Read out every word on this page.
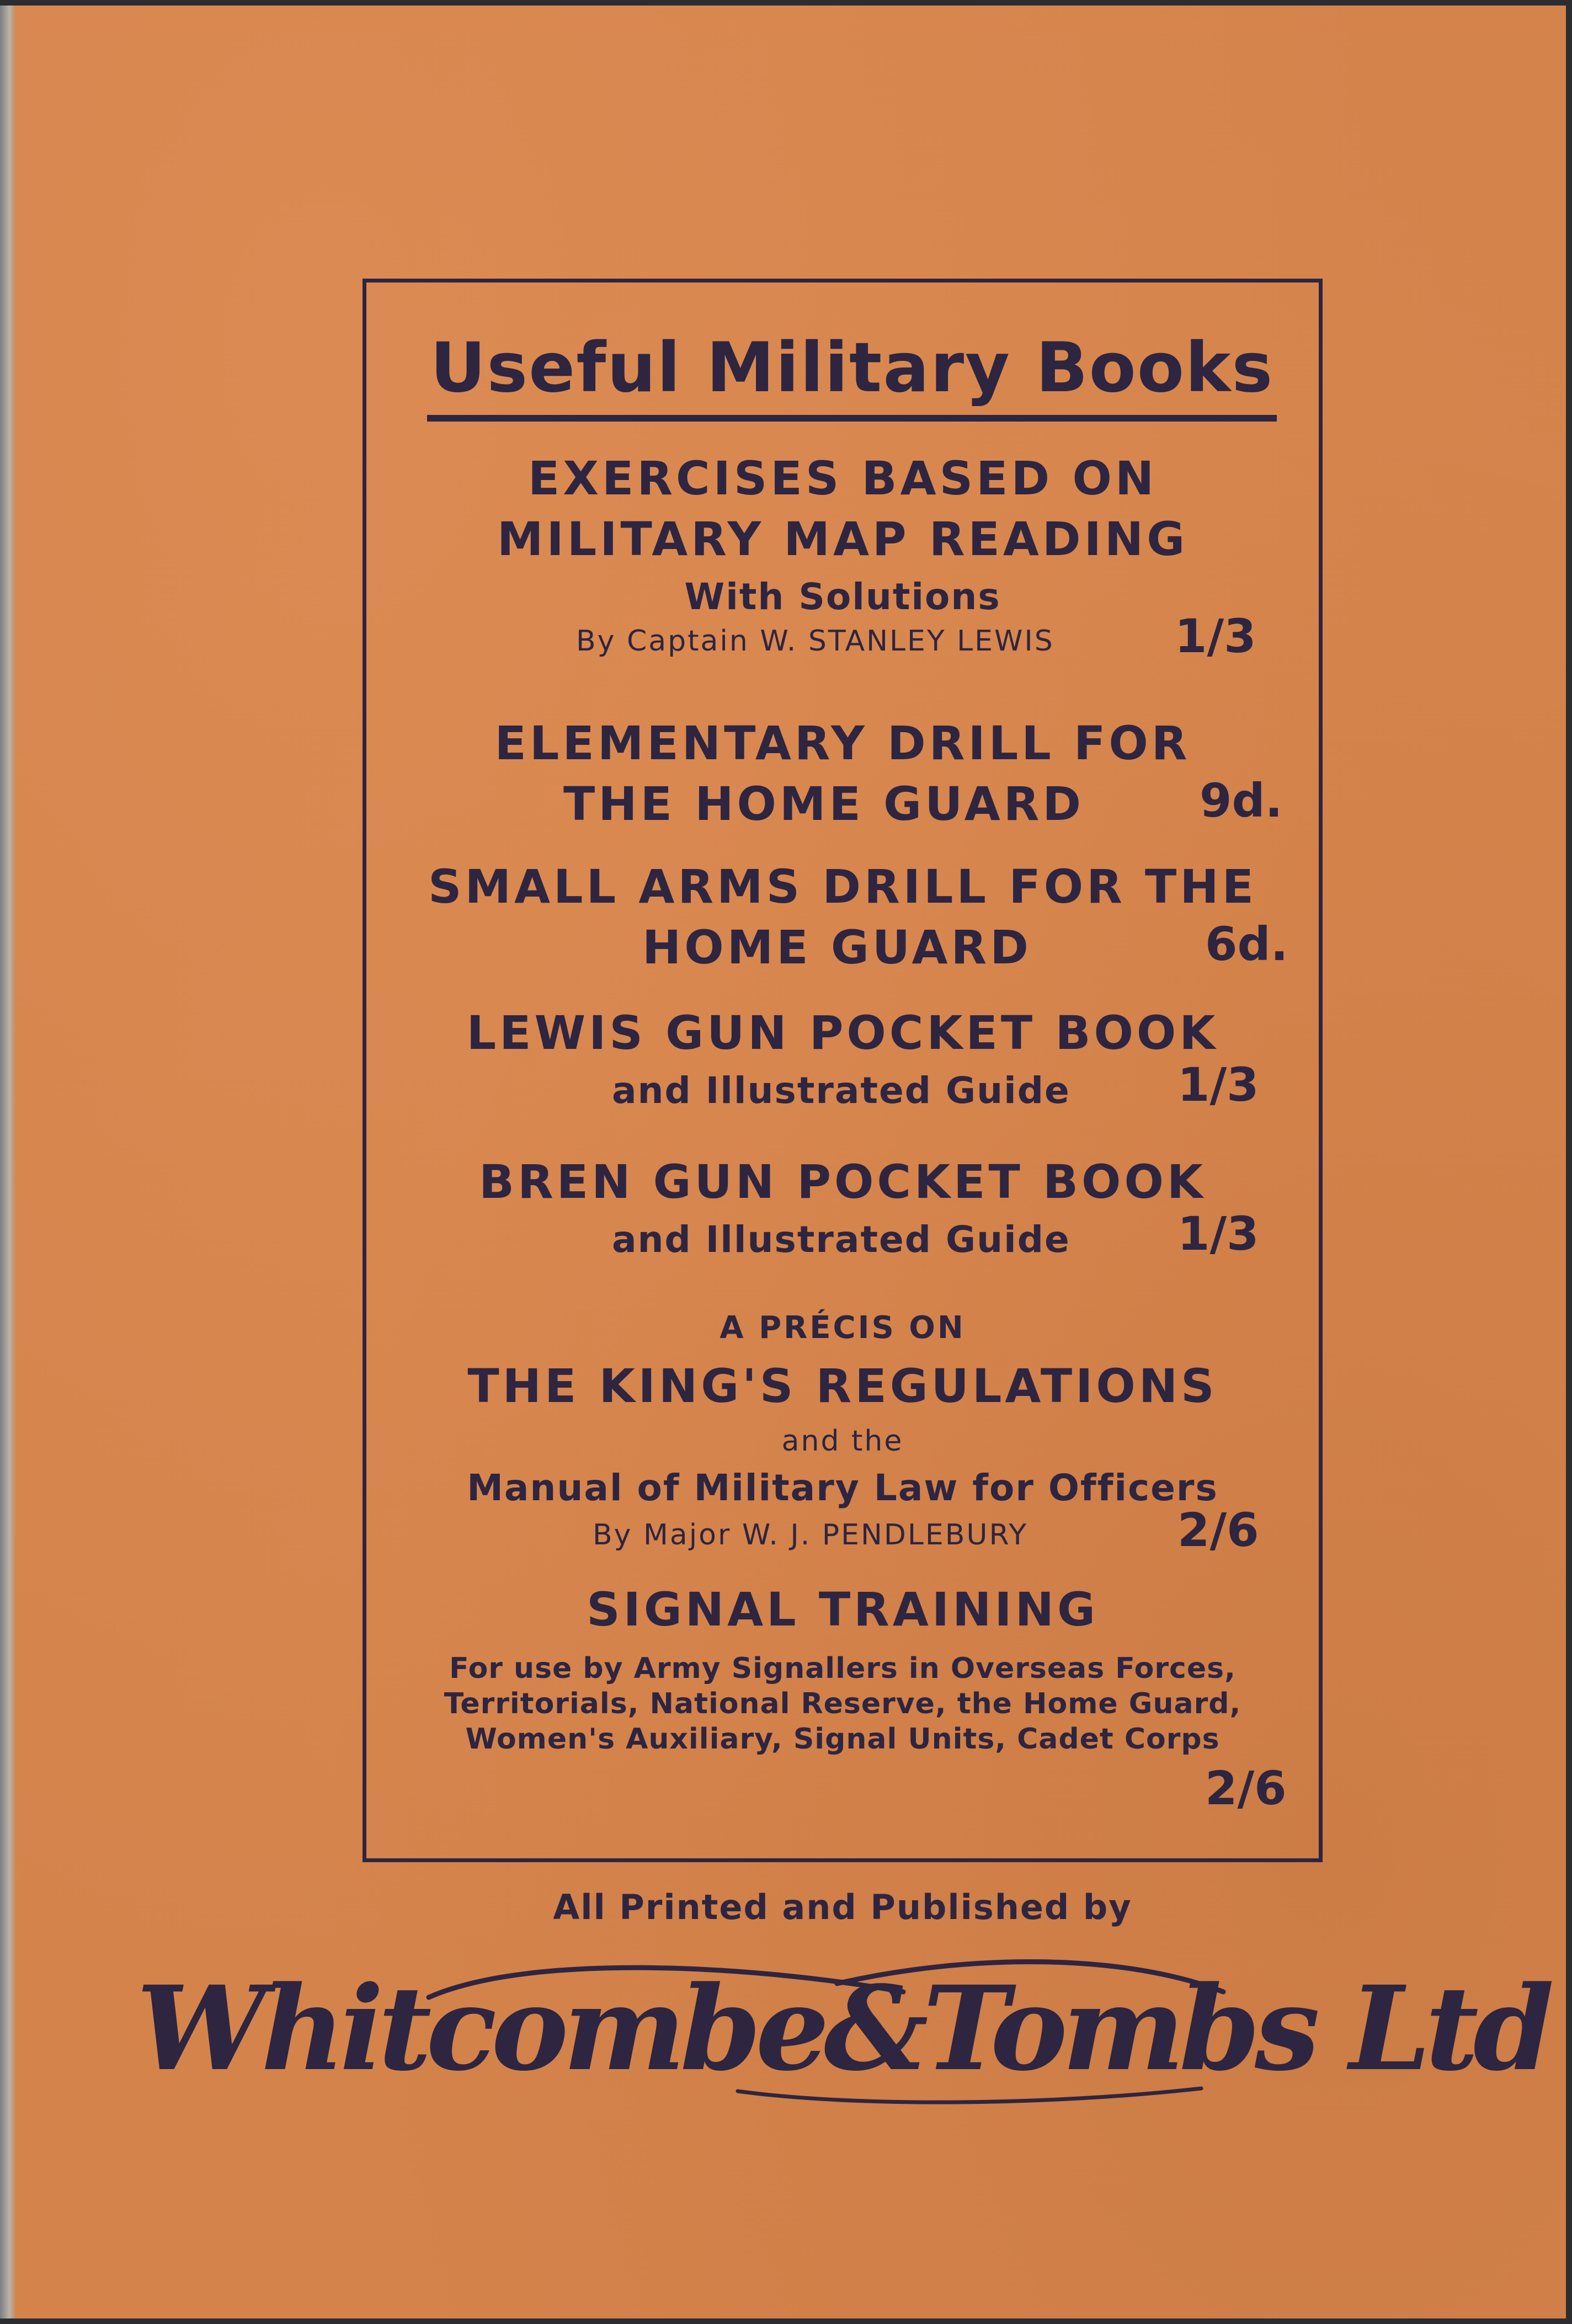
Useful Military Books
EXERCISES BASED ON
MILITARY MAP READING
With Solutions
By Captain W. STANLEY LEWIS	1/3
ELEMENTARY DRILL FOR
THE HOME GUARD 9d.
SMALL ARMS DRILL FOR THE
HOME GUARD	6d.
LEWIS GUN POCKET BOOK
and Illustrated Guide 1/3
BREN GUN POCKET BOOK
and Illustrated Guide 1/3
A PRÉCIS ON
THE KING'S REGULATIONS
and the
Manual of Military Law for Officers
By Major W. J. PENDLEBURY	2/6
SIGNAL TRAINING
For use by Army Signallers in Overseas Forces,
Territorials, National Reserve, the Home Guard,
Women's Auxiliary, Signal Units, Cadet Corps
2/6
All Printed and Published by
Whitcombe&Tombs Ltd
